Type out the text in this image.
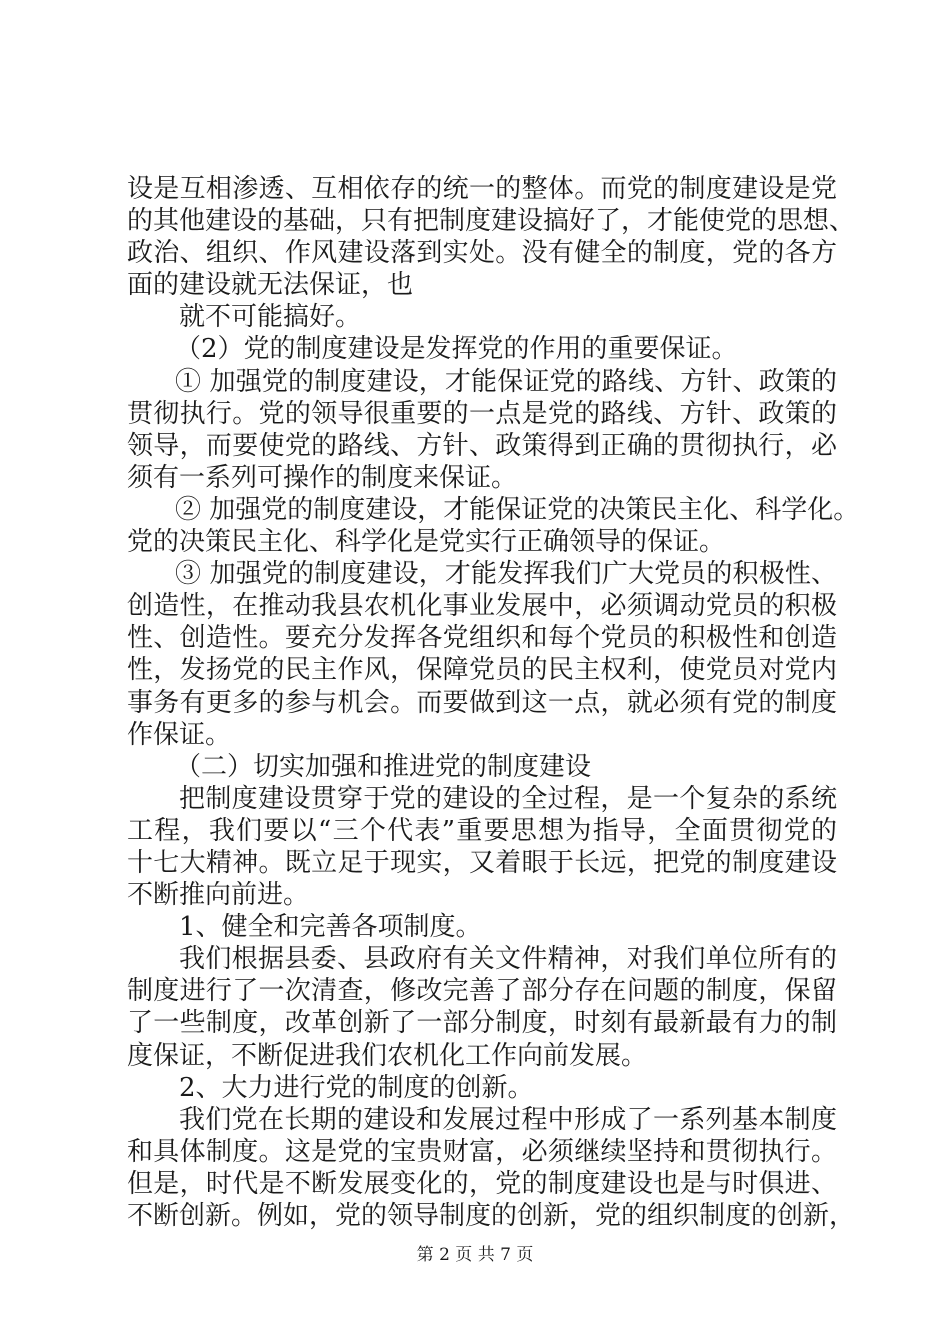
设是互相渗透、互相依存的统一的整体。而党的制度建设是党
的其他建设的基础，只有把制度建设搞好了，才能使党的思想、
政治、组织、作风建设落到实处。没有健全的制度，党的各方
面的建设就无法保证，也
就不可能搞好。
（2）党的制度建设是发挥党的作用的重要保证。
① 加强党的制度建设，才能保证党的路线、方针、政策的
贯彻执行。党的领导很重要的一点是党的路线、方针、政策的
领导，而要使党的路线、方针、政策得到正确的贯彻执行，必
须有一系列可操作的制度来保证。
② 加强党的制度建设，才能保证党的决策民主化、科学化。
党的决策民主化、科学化是党实行正确领导的保证。
③ 加强党的制度建设，才能发挥我们广大党员的积极性、
创造性，在推动我县农机化事业发展中，必须调动党员的积极
性、创造性。要充分发挥各党组织和每个党员的积极性和创造
性，发扬党的民主作风，保障党员的民主权利，使党员对党内
事务有更多的参与机会。而要做到这一点，就必须有党的制度
作保证。
（二）切实加强和推进党的制度建设
把制度建设贯穿于党的建设的全过程，是一个复杂的系统
工程，我们要以“三个代表”重要思想为指导，全面贯彻党的
十七大精神。既立足于现实，又着眼于长远，把党的制度建设
不断推向前进。
1、健全和完善各项制度。
我们根据县委、县政府有关文件精神，对我们单位所有的
制度进行了一次清查，修改完善了部分存在问题的制度，保留
了一些制度，改革创新了一部分制度，时刻有最新最有力的制
度保证，不断促进我们农机化工作向前发展。
2、大力进行党的制度的创新。
我们党在长期的建设和发展过程中形成了一系列基本制度
和具体制度。这是党的宝贵财富，必须继续坚持和贯彻执行。
但是，时代是不断发展变化的，党的制度建设也是与时俱进、
不断创新。例如，党的领导制度的创新，党的组织制度的创新，
第 2 页 共 7 页
